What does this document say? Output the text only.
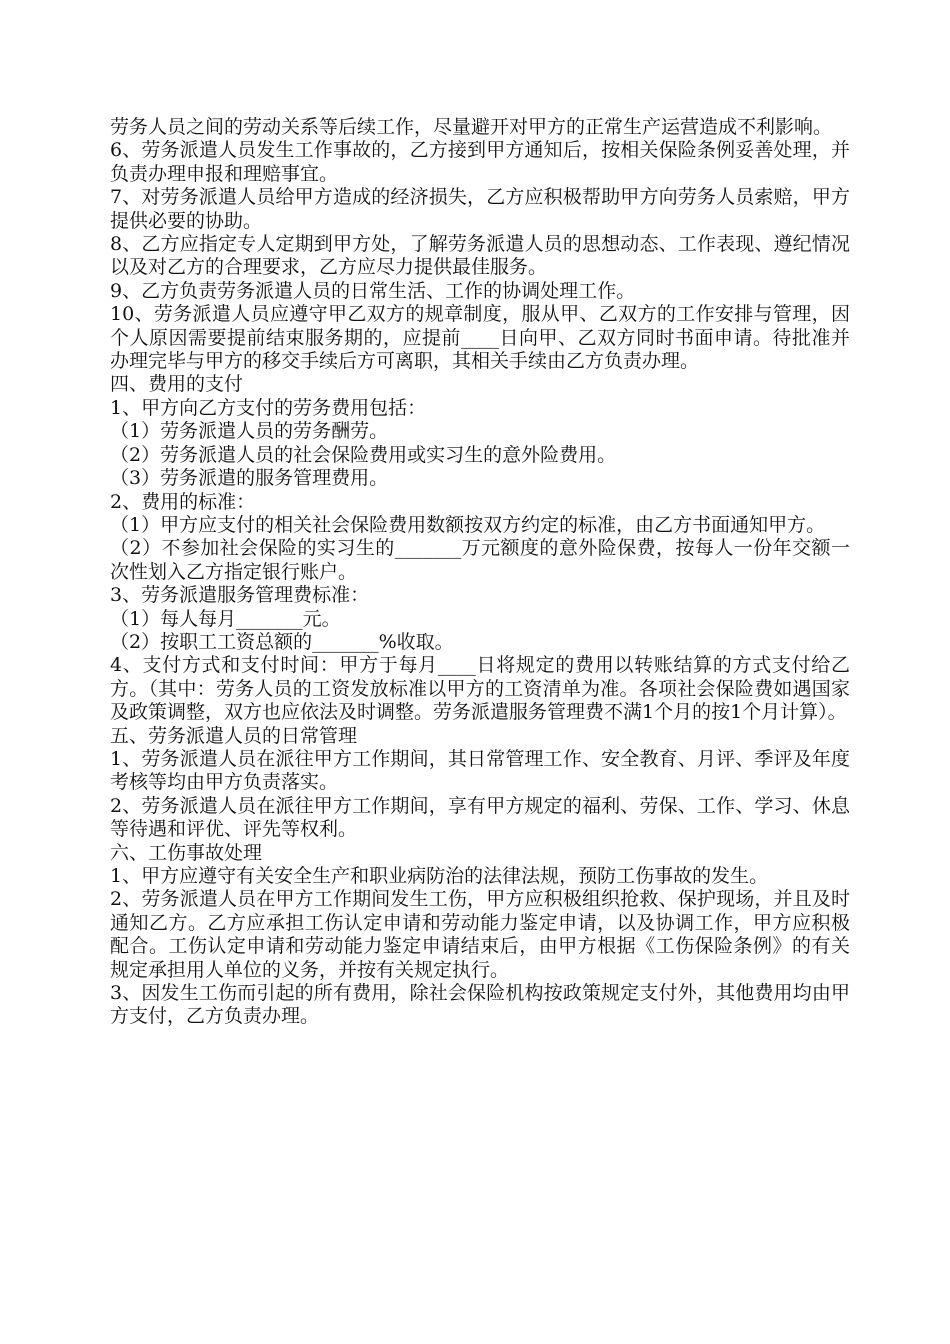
劳务人员之间的劳动关系等后续工作，尽量避开对甲方的正常生产运营造成不利影响。

6、劳务派遣人员发生工作事故的，乙方接到甲方通知后，按相关保险条例妥善处理，并负责办理申报和理赔事宜。

7、对劳务派遣人员给甲方造成的经济损失，乙方应积极帮助甲方向劳务人员索赔，甲方提供必要的协助。

8、乙方应指定专人定期到甲方处，了解劳务派遣人员的思想动态、工作表现、遵纪情况以及对乙方的合理要求，乙方应尽力提供最佳服务。

9、乙方负责劳务派遣人员的日常生活、工作的协调处理工作。

10、劳务派遣人员应遵守甲乙双方的规章制度，服从甲、乙双方的工作安排与管理，因个人原因需要提前结束服务期的，应提前____日向甲、乙双方同时书面申请。待批准并办理完毕与甲方的移交手续后方可离职，其相关手续由乙方负责办理。

四、费用的支付

1、甲方向乙方支付的劳务费用包括：

（1）劳务派遣人员的劳务酬劳。

（2）劳务派遣人员的社会保险费用或实习生的意外险费用。

（3）劳务派遣的服务管理费用。

2、费用的标准：

（1）甲方应支付的相关社会保险费用数额按双方约定的标准，由乙方书面通知甲方。

（2）不参加社会保险的实习生的_______万元额度的意外险保费，按每人一份年交额一次性划入乙方指定银行账户。

3、劳务派遣服务管理费标准：

（1）每人每月_______元。

（2）按职工工资总额的_______%收取。

4、支付方式和支付时间：甲方于每月____日将规定的费用以转账结算的方式支付给乙方。（其中：劳务人员的工资发放标准以甲方的工资清单为准。各项社会保险费如遇国家及政策调整，双方也应依法及时调整。劳务派遣服务管理费不满1个月的按1个月计算）。

五、劳务派遣人员的日常管理

1、劳务派遣人员在派往甲方工作期间，其日常管理工作、安全教育、月评、季评及年度考核等均由甲方负责落实。

2、劳务派遣人员在派往甲方工作期间，享有甲方规定的福利、劳保、工作、学习、休息等待遇和评优、评先等权利。

六、工伤事故处理

1、甲方应遵守有关安全生产和职业病防治的法律法规，预防工伤事故的发生。

2、劳务派遣人员在甲方工作期间发生工伤，甲方应积极组织抢救、保护现场，并且及时通知乙方。乙方应承担工伤认定申请和劳动能力鉴定申请，以及协调工作，甲方应积极配合。工伤认定申请和劳动能力鉴定申请结束后，由甲方根据《工伤保险条例》的有关规定承担用人单位的义务，并按有关规定执行。

3、因发生工伤而引起的所有费用，除社会保险机构按政策规定支付外，其他费用均由甲方支付，乙方负责办理。
